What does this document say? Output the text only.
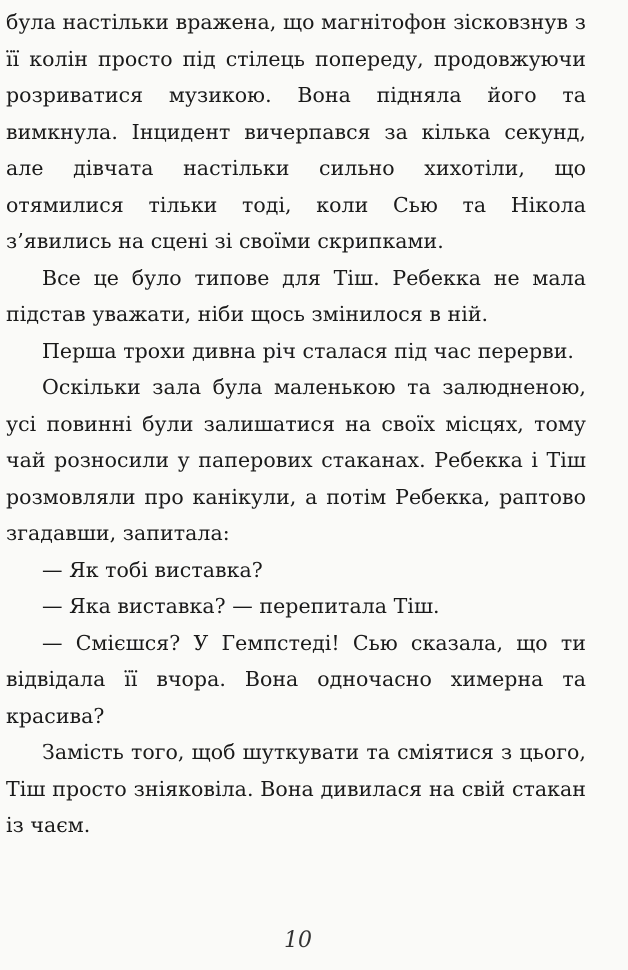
була настільки вражена, що магнітофон зісковзнув з її колін просто під стілець попереду, продовжуючи розриватися музикою. Вона підняла його та вимкнула. Інцидент вичерпався за кілька секунд, але дівчата настільки сильно хихотіли, що отямилися тільки тоді, коли Сью та Нікола з’явились на сцені зі своїми скрипками.

Все це було типове для Тіш. Ребекка не мала підстав уважати, ніби щось змінилося в ній.

Перша трохи дивна річ сталася під час перерви.

Оскільки зала була маленькою та залюдненою, усі повинні були залишатися на своїх місцях, тому чай розносили у паперових стаканах. Ребекка і Тіш розмовляли про канікули, а потім Ребекка, раптово згадавши, запитала:

— Як тобі виставка?

— Яка виставка? — перепитала Тіш.

— Смієшся? У Гемпстеді! Сью сказала, що ти відвідала її вчора. Вона одночасно химерна та красива?

Замість того, щоб шуткувати та сміятися з цього, Тіш просто зніяковіла. Вона дивилася на свій стакан із чаєм.

10
